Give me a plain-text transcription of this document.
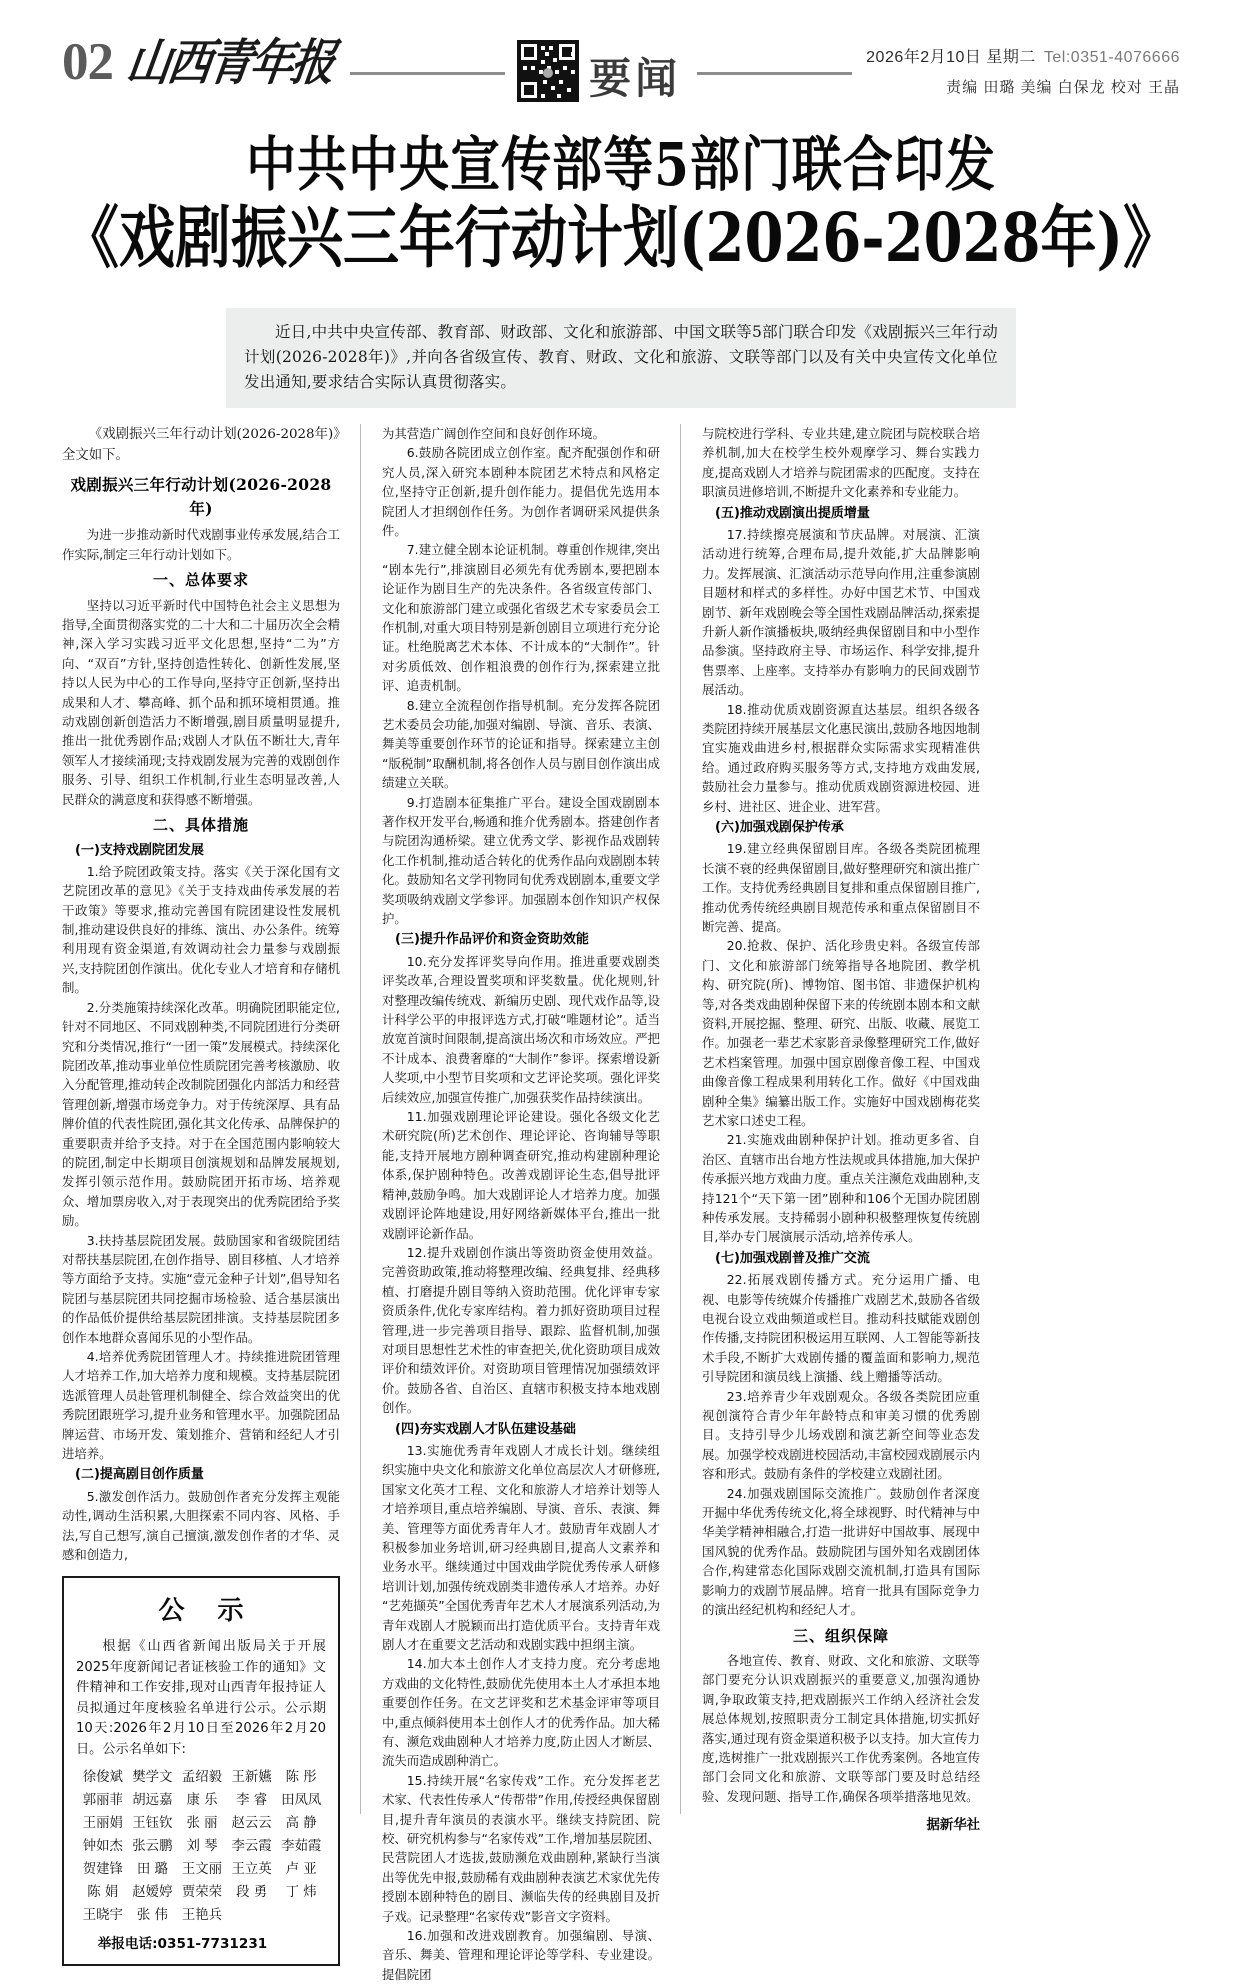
02 山西青年报	要闻	2026年2月10日 星期二 Tel:0351-4076666
责编 田璐 美编 白保龙 校对 王晶
中共中央宣传部等5部门联合印发
《戏剧振兴三年行动计划(2026-2028年)》

近日,中共中央宣传部、教育部、财政部、文化和旅游部、中国文联等5部门联合印发《戏剧振兴三年行动计划(2026-2028年)》,并向各省级宣传、教育、财政、文化和旅游、文联等部门以及有关中央宣传文化单位发出通知,要求结合实际认真贯彻落实。

《戏剧振兴三年行动计划(2026-2028年)》全文如下。

戏剧振兴三年行动计划(2026-2028年)

为进一步推动新时代戏剧事业传承发展,结合工作实际,制定三年行动计划如下。

一、总体要求

坚持以习近平新时代中国特色社会主义思想为指导,全面贯彻落实党的二十大和二十届历次全会精神,深入学习实践习近平文化思想,坚持“二为”方向、“双百”方针,坚持创造性转化、创新性发展,坚持以人民为中心的工作导向,坚持守正创新,坚持出成果和人才、攀高峰、抓个品和抓环境相贯通。推动戏剧创新创造活力不断增强,剧目质量明显提升,推出一批优秀剧作品;戏剧人才队伍不断壮大,青年领军人才接续涌现;支持戏剧发展为完善的戏剧创作服务、引导、组织工作机制,行业生态明显改善,人民群众的满意度和获得感不断增强。

二、具体措施
(一)支持戏剧院团发展

1.给予院团政策支持。落实《关于深化国有文艺院团改革的意见》《关于支持戏曲传承发展的若干政策》等要求,推动完善国有院团建设性发展机制,推动建设供良好的排练、演出、办公条件。统筹利用现有资金渠道,有效调动社会力量参与戏剧振兴,支持院团创作演出。优化专业人才培育和存储机制。

2.分类施策持续深化改革。明确院团职能定位,针对不同地区、不同戏剧种类,不同院团进行分类研究和分类情况,推行“一团一策”发展模式。持续深化院团改革,推动事业单位性质院团完善考核激励、收入分配管理,推动转企改制院团强化内部活力和经营管理创新,增强市场竞争力。对于传统深厚、具有品牌价值的代表性院团,强化其文化传承、品牌保护的重要职责并给予支持。对于在全国范围内影响较大的院团,制定中长期项目创演规划和品牌发展规划,发挥引领示范作用。鼓励院团开拓市场、培养观众、增加票房收入,对于表现突出的优秀院团给予奖励。

3.扶持基层院团发展。鼓励国家和省级院团结对帮扶基层院团,在创作指导、剧目移植、人才培养等方面给予支持。实施“壹元金种子计划”,倡导知名院团与基层院团共同挖掘市场检验、适合基层演出的作品低价提供给基层院团排演。支持基层院团多创作本地群众喜闻乐见的小型作品。

4.培养优秀院团管理人才。持续推进院团管理人才培养工作,加大培养力度和规模。支持基层院团选派管理人员赴管理机制健全、综合效益突出的优秀院团跟班学习,提升业务和管理水平。加强院团品牌运营、市场开发、策划推介、营销和经纪人才引进培养。

(二)提高剧目创作质量

5.激发创作活力。鼓励创作者充分发挥主观能动性,调动生活积累,大胆探索不同内容、风格、手法,写自己想写,演自己擅演,激发创作者的才华、灵感和创造力,

公 示

根据《山西省新闻出版局关于开展2025年度新闻记者证核验工作的通知》文件精神和工作安排,现对山西青年报持证人员拟通过年度核验名单进行公示。公示期10天:2026年2月10日至2026年2月20日。公示名单如下:

徐俊斌 樊学文 孟绍毅 王新嬿	陈 彤
郭丽菲 胡远嘉	康 乐	李 睿	田凤凤
王丽娟 王钰钦	张 丽	赵云云	高 静
钟如杰 张云鹏	刘 琴	李云霞 李茹霞
贺建锋	田 璐	王文丽 王立英	卢 亚
陈 娟	赵嫒婷 贾荣荣	段 勇	丁 炜
王晓宇	张 伟	王艳兵
举报电话:0351-7731231

为其营造广阔创作空间和良好创作环境。

6.鼓励各院团成立创作室。配齐配强创作和研究人员,深入研究本剧种本院团艺术特点和风格定位,坚持守正创新,提升创作能力。提倡优先选用本院团人才担纲创作任务。为创作者调研采风提供条件。

7.建立健全剧本论证机制。尊重创作规律,突出“剧本先行”,排演剧目必须先有优秀剧本,要把剧本论证作为剧目生产的先决条件。各省级宣传部门、文化和旅游部门建立或强化省级艺术专家委员会工作机制,对重大项目特别是新创剧目立项进行充分论证。杜绝脱离艺术本体、不计成本的“大制作”。针对劣质低效、创作粗浪费的创作行为,探索建立批评、追责机制。

8.建立全流程创作指导机制。充分发挥各院团艺术委员会功能,加强对编剧、导演、音乐、表演、舞美等重要创作环节的论证和指导。探索建立主创“版税制”取酬机制,将各创作人员与剧目创作演出成绩建立关联。

9.打造剧本征集推广平台。建设全国戏剧剧本著作权开发平台,畅通和推介优秀剧本。搭建创作者与院团沟通桥梁。建立优秀文学、影视作品戏剧转化工作机制,推动适合转化的优秀作品向戏剧剧本转化。鼓励知名文学刊物同旬优秀戏剧剧本,重要文学奖项吸纳戏剧文学参评。加强剧本创作知识产权保护。

(三)提升作品评价和资金资助效能

10.充分发挥评奖导向作用。推进重要戏剧类评奖改革,合理设置奖项和评奖数量。优化规则,针对整理改编传统戏、新编历史剧、现代戏作品等,设计科学公平的申报评选方式,打破“唯题材论”。适当放宽首演时间限制,提高演出场次和市场效应。严把不计成本、浪费奢靡的“大制作”参评。探索增设新人奖项,中小型节目奖项和文艺评论奖项。强化评奖后续效应,加强宣传推广,加强获奖作品持续演出。

11.加强戏剧理论评论建设。强化各级文化艺术研究院(所)艺术创作、理论评论、咨询辅导等职能,支持开展地方剧种调查研究,推动构建剧种理论体系,保护剧种特色。改善戏剧评论生态,倡导批评精神,鼓励争鸣。加大戏剧评论人才培养力度。加强戏剧评论阵地建设,用好网络新媒体平台,推出一批戏剧评论新作品。

12.提升戏剧创作演出等资助资金使用效益。完善资助政策,推动将整理改编、经典复排、经典移植、打磨提升剧目等纳入资助范围。优化评审专家资质条件,优化专家库结构。着力抓好资助项目过程管理,进一步完善项目指导、跟踪、监督机制,加强对项目思想性艺术性的审查把关,优化资助项目成效评价和绩效评价。对资助项目管理情况加强绩效评价。鼓励各省、自治区、直辖市积极支持本地戏剧创作。

(四)夯实戏剧人才队伍建设基础

13.实施优秀青年戏剧人才成长计划。继续组织实施中央文化和旅游文化单位高层次人才研修班,国家文化英才工程、文化和旅游人才培养计划等人才培养项目,重点培养编剧、导演、音乐、表演、舞美、管理等方面优秀青年人才。鼓励青年戏剧人才积极参加业务培训,研习经典剧目,提高人文素养和业务水平。继续通过中国戏曲学院优秀传承人研修培训计划,加强传统戏剧类非遗传承人才培养。办好“艺苑撷英”全国优秀青年艺术人才展演系列活动,为青年戏剧人才脱颖而出打造优质平台。支持青年戏剧人才在重要文艺活动和戏剧实践中担纲主演。

14.加大本土创作人才支持力度。充分考虑地方戏曲的文化特性,鼓励优先使用本土人才承担本地重要创作任务。在文艺评奖和艺术基金评审等项目中,重点倾斜使用本土创作人才的优秀作品。加大稀有、濒危戏曲剧种人才培养力度,防止因人才断层、流失而造成剧种消亡。

15.持续开展“名家传戏”工作。充分发挥老艺术家、代表性传承人“传帮带”作用,传授经典保留剧目,提升青年演员的表演水平。继续支持院团、院校、研究机构参与“名家传戏”工作,增加基层院团、民营院团人才选拔,鼓励濒危戏曲剧种,紧缺行当演出等优先申报,鼓励稀有戏曲剧种表演艺术家优先传授剧本剧种特色的剧目、濒临失传的经典剧目及折子戏。记录整理“名家传戏”影音文字资料。

16.加强和改进戏剧教育。加强编剧、导演、音乐、舞美、管理和理论评论等学科、专业建设。提倡院团

与院校进行学科、专业共建,建立院团与院校联合培养机制,加大在校学生校外观摩学习、舞台实践力度,提高戏剧人才培养与院团需求的匹配度。支持在职演员进修培训,不断提升文化素养和专业能力。

(五)推动戏剧演出提质增量

17.持续擦亮展演和节庆品牌。对展演、汇演活动进行统筹,合理布局,提升效能,扩大品牌影响力。发挥展演、汇演活动示范导向作用,注重参演剧目题材和样式的多样性。办好中国艺术节、中国戏剧节、新年戏剧晚会等全国性戏剧品牌活动,探索提升新人新作演播板块,吸纳经典保留剧目和中小型作品参演。坚持政府主导、市场运作、科学安排,提升售票率、上座率。支持举办有影响力的民间戏剧节展活动。

18.推动优质戏剧资源直达基层。组织各级各类院团持续开展基层文化惠民演出,鼓励各地因地制宜实施戏曲进乡村,根据群众实际需求实现精准供给。通过政府购买服务等方式,支持地方戏曲发展,鼓励社会力量参与。推动优质戏剧资源进校园、进乡村、进社区、进企业、进军营。

(六)加强戏剧保护传承

19.建立经典保留剧目库。各级各类院团梳理长演不衰的经典保留剧目,做好整理研究和演出推广工作。支持优秀经典剧目复排和重点保留剧目推广,推动优秀传统经典剧目规范传承和重点保留剧目不断完善、提高。

20.抢救、保护、活化珍贵史料。各级宣传部门、文化和旅游部门统筹指导各地院团、教学机构、研究院(所)、博物馆、图书馆、非遗保护机构等,对各类戏曲剧种保留下来的传统剧本剧本和文献资料,开展挖掘、整理、研究、出版、收藏、展览工作。加强老一辈艺术家影音录像整理研究工作,做好艺术档案管理。加强中国京剧像音像工程、中国戏曲像音像工程成果利用转化工作。做好《中国戏曲剧种全集》编纂出版工作。实施好中国戏剧梅花奖艺术家口述史工程。

21.实施戏曲剧种保护计划。推动更多省、自治区、直辖市出台地方性法规或具体措施,加大保护传承振兴地方戏曲力度。重点关注濒危戏曲剧种,支持121个“天下第一团”剧种和106个无国办院团剧种传承发展。支持稀弱小剧种积极整理恢复传统剧目,举办专门展演展示活动,培养传承人。

(七)加强戏剧普及推广交流

22.拓展戏剧传播方式。充分运用广播、电视、电影等传统媒介传播推广戏剧艺术,鼓励各省级电视台设立戏曲频道或栏目。推动科技赋能戏剧创作传播,支持院团积极运用互联网、人工智能等新技术手段,不断扩大戏剧传播的覆盖面和影响力,规范引导院团和演员线上演播、线上赠播等活动。

23.培养青少年戏剧观众。各级各类院团应重视创演符合青少年年龄特点和审美习惯的优秀剧目。支持引导少儿场戏剧和演艺新空间等业态发展。加强学校戏剧进校园活动,丰富校园戏剧展示内容和形式。鼓励有条件的学校建立戏剧社团。

24.加强戏剧国际交流推广。鼓励创作者深度开掘中华优秀传统文化,将全球视野、时代精神与中华美学精神相融合,打造一批讲好中国故事、展现中国风貌的优秀作品。鼓励院团与国外知名戏剧团体合作,构建常态化国际戏剧交流机制,打造具有国际影响力的戏剧节展品牌。培育一批具有国际竞争力的演出经纪机构和经纪人才。

三、组织保障

各地宣传、教育、财政、文化和旅游、文联等部门要充分认识戏剧振兴的重要意义,加强沟通协调,争取政策支持,把戏剧振兴工作纳入经济社会发展总体规划,按照职责分工制定具体措施,切实抓好落实,通过现有资金渠道积极予以支持。加大宣传力度,选树推广一批戏剧振兴工作优秀案例。各地宣传部门会同文化和旅游、文联等部门要及时总结经验、发现问题、指导工作,确保各项举措落地见效。

据新华社
